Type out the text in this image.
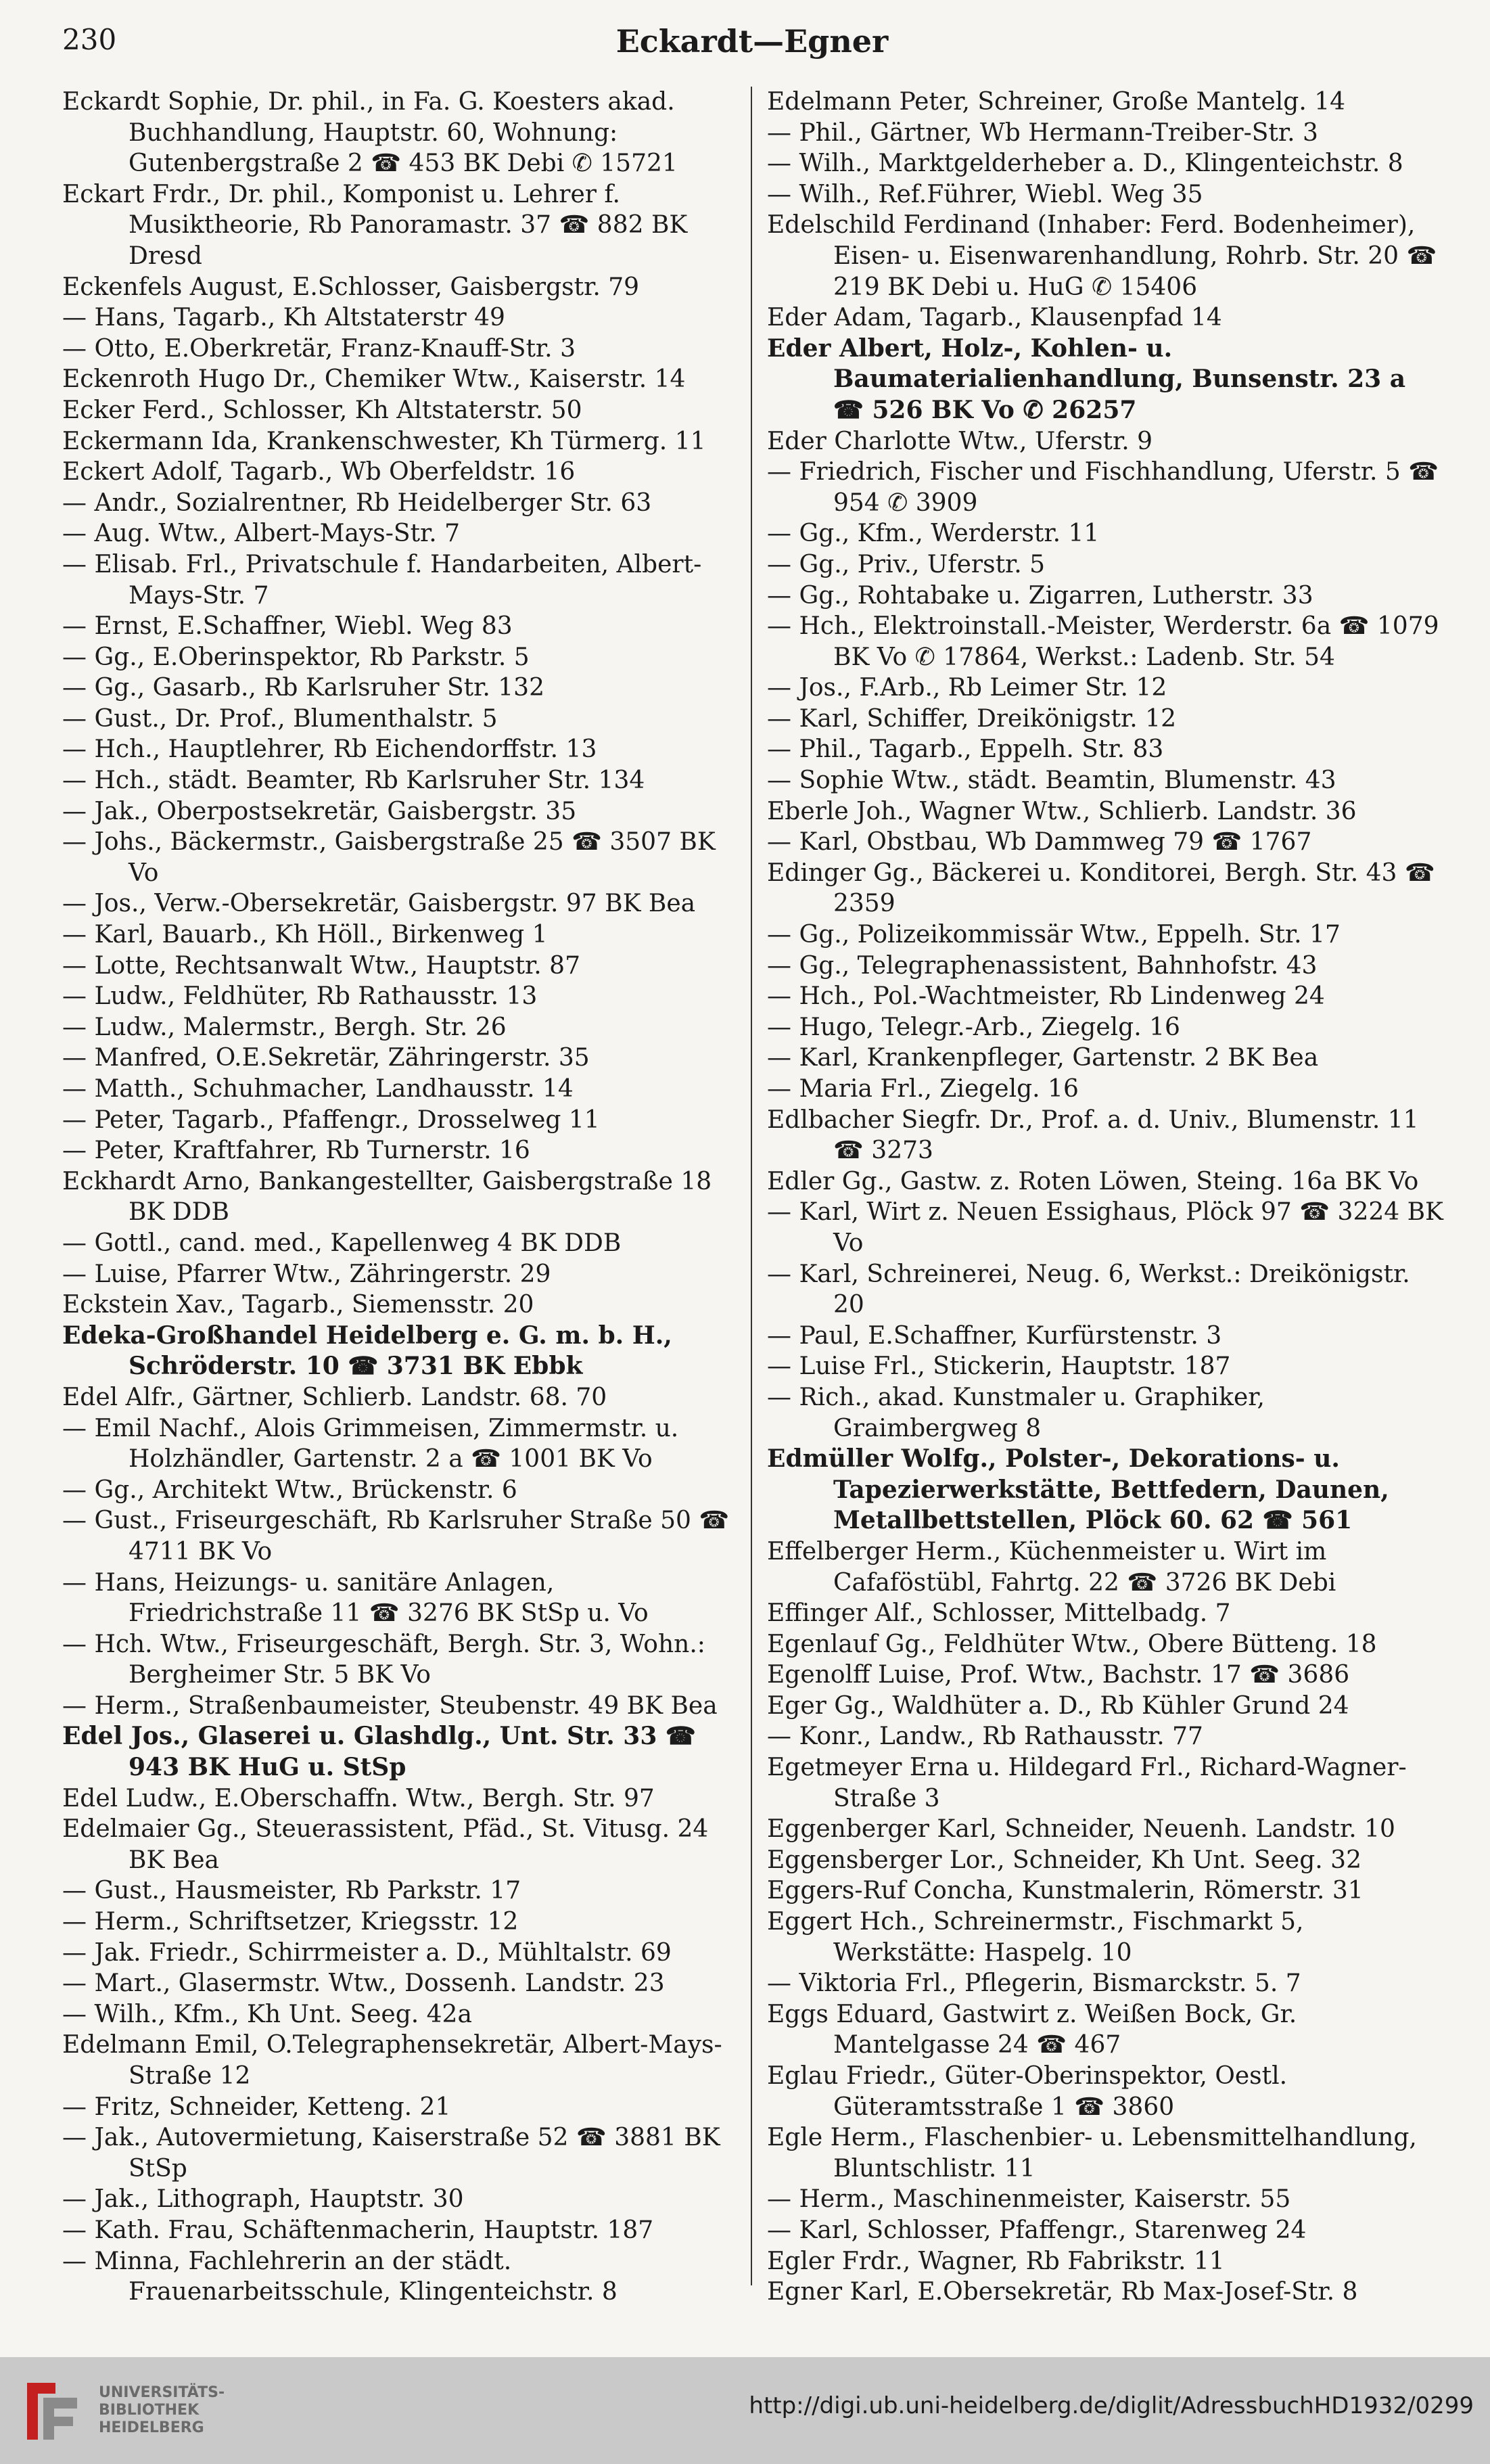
230	Eckardt—Egner
Eckardt Sophie, Dr. phil., in Fa. G. Koesters akad. Buchhandlung, Hauptstr. 60, Wohnung: Gutenbergstraße 2 ☎ 453 BK Debi ✆ 15721
Eckart Frdr., Dr. phil., Komponist u. Lehrer f. Musiktheorie, Rb Panoramastr. 37 ☎ 882 BK Dresd
Eckenfels August, E.Schlosser, Gaisbergstr. 79
— Hans, Tagarb., Kh Altstaterstr 49
— Otto, E.Oberkretär, Franz-Knauff-Str. 3
Eckenroth Hugo Dr., Chemiker Wtw., Kaiserstr. 14
Ecker Ferd., Schlosser, Kh Altstaterstr. 50
Eckermann Ida, Krankenschwester, Kh Türmerg. 11
Eckert Adolf, Tagarb., Wb Oberfeldstr. 16
— Andr., Sozialrentner, Rb Heidelberger Str. 63
— Aug. Wtw., Albert-Mays-Str. 7
— Elisab. Frl., Privatschule f. Handarbeiten, Albert-Mays-Str. 7
— Ernst, E.Schaffner, Wiebl. Weg 83
— Gg., E.Oberinspektor, Rb Parkstr. 5
— Gg., Gasarb., Rb Karlsruher Str. 132
— Gust., Dr. Prof., Blumenthalstr. 5
— Hch., Hauptlehrer, Rb Eichendorffstr. 13
— Hch., städt. Beamter, Rb Karlsruher Str. 134
— Jak., Oberpostsekretär, Gaisbergstr. 35
— Johs., Bäckermstr., Gaisbergstraße 25 ☎ 3507 BK Vo
— Jos., Verw.-Obersekretär, Gaisbergstr. 97 BK Bea
— Karl, Bauarb., Kh Höll., Birkenweg 1
— Lotte, Rechtsanwalt Wtw., Hauptstr. 87
— Ludw., Feldhüter, Rb Rathausstr. 13
— Ludw., Malermstr., Bergh. Str. 26
— Manfred, O.E.Sekretär, Zähringerstr. 35
— Matth., Schuhmacher, Landhausstr. 14
— Peter, Tagarb., Pfaffengr., Drosselweg 11
— Peter, Kraftfahrer, Rb Turnerstr. 16
Eckhardt Arno, Bankangestellter, Gaisbergstraße 18 BK DDB
— Gottl., cand. med., Kapellenweg 4 BK DDB
— Luise, Pfarrer Wtw., Zähringerstr. 29
Eckstein Xav., Tagarb., Siemensstr. 20
Edeka-Großhandel Heidelberg e. G. m. b. H., Schröderstr. 10 ☎ 3731 BK Ebbk
Edel Alfr., Gärtner, Schlierb. Landstr. 68. 70
— Emil Nachf., Alois Grimmeisen, Zimmermstr. u. Holzhändler, Gartenstr. 2 a ☎ 1001 BK Vo
— Gg., Architekt Wtw., Brückenstr. 6
— Gust., Friseurgeschäft, Rb Karlsruher Straße 50 ☎ 4711 BK Vo
— Hans, Heizungs- u. sanitäre Anlagen, Friedrichstraße 11 ☎ 3276 BK StSp u. Vo
— Hch. Wtw., Friseurgeschäft, Bergh. Str. 3, Wohn.: Bergheimer Str. 5 BK Vo
— Herm., Straßenbaumeister, Steubenstr. 49 BK Bea
Edel Jos., Glaserei u. Glashdlg., Unt. Str. 33 ☎ 943 BK HuG u. StSp
Edel Ludw., E.Oberschaffn. Wtw., Bergh. Str. 97
Edelmaier Gg., Steuerassistent, Pfäd., St. Vitusg. 24 BK Bea
— Gust., Hausmeister, Rb Parkstr. 17
— Herm., Schriftsetzer, Kriegsstr. 12
— Jak. Friedr., Schirrmeister a. D., Mühltalstr. 69
— Mart., Glasermstr. Wtw., Dossenh. Landstr. 23
— Wilh., Kfm., Kh Unt. Seeg. 42a
Edelmann Emil, O.Telegraphensekretär, Albert-Mays-Straße 12
— Fritz, Schneider, Ketteng. 21
— Jak., Autovermietung, Kaiserstraße 52 ☎ 3881 BK StSp
— Jak., Lithograph, Hauptstr. 30
— Kath. Frau, Schäftenmacherin, Hauptstr. 187
— Minna, Fachlehrerin an der städt. Frauenarbeitsschule, Klingenteichstr. 8
Edelmann Peter, Schreiner, Große Mantelg. 14
— Phil., Gärtner, Wb Hermann-Treiber-Str. 3
— Wilh., Marktgelderheber a. D., Klingenteichstr. 8
— Wilh., Ref.Führer, Wiebl. Weg 35
Edelschild Ferdinand (Inhaber: Ferd. Bodenheimer), Eisen- u. Eisenwarenhandlung, Rohrb. Str. 20 ☎ 219 BK Debi u. HuG ✆ 15406
Eder Adam, Tagarb., Klausenpfad 14
Eder Albert, Holz-, Kohlen- u. Baumaterialienhandlung, Bunsenstr. 23 a ☎ 526 BK Vo ✆ 26257
Eder Charlotte Wtw., Uferstr. 9
— Friedrich, Fischer und Fischhandlung, Uferstr. 5 ☎ 954 ✆ 3909
— Gg., Kfm., Werderstr. 11
— Gg., Priv., Uferstr. 5
— Gg., Rohtabake u. Zigarren, Lutherstr. 33
— Hch., Elektroinstall.-Meister, Werderstr. 6a ☎ 1079 BK Vo ✆ 17864, Werkst.: Ladenb. Str. 54
— Jos., F.Arb., Rb Leimer Str. 12
— Karl, Schiffer, Dreikönigstr. 12
— Phil., Tagarb., Eppelh. Str. 83
— Sophie Wtw., städt. Beamtin, Blumenstr. 43
Eberle Joh., Wagner Wtw., Schlierb. Landstr. 36
— Karl, Obstbau, Wb Dammweg 79 ☎ 1767
Edinger Gg., Bäckerei u. Konditorei, Bergh. Str. 43 ☎ 2359
— Gg., Polizeikommissär Wtw., Eppelh. Str. 17
— Gg., Telegraphenassistent, Bahnhofstr. 43
— Hch., Pol.-Wachtmeister, Rb Lindenweg 24
— Hugo, Telegr.-Arb., Ziegelg. 16
— Karl, Krankenpfleger, Gartenstr. 2 BK Bea
— Maria Frl., Ziegelg. 16
Edlbacher Siegfr. Dr., Prof. a. d. Univ., Blumenstr. 11 ☎ 3273
Edler Gg., Gastw. z. Roten Löwen, Steing. 16a BK Vo
— Karl, Wirt z. Neuen Essighaus, Plöck 97 ☎ 3224 BK Vo
— Karl, Schreinerei, Neug. 6, Werkst.: Dreikönigstr. 20
— Paul, E.Schaffner, Kurfürstenstr. 3
— Luise Frl., Stickerin, Hauptstr. 187
— Rich., akad. Kunstmaler u. Graphiker, Graimbergweg 8
Edmüller Wolfg., Polster-, Dekorations- u. Tapezierwerkstätte, Bettfedern, Daunen, Metallbettstellen, Plöck 60. 62 ☎ 561
Effelberger Herm., Küchenmeister u. Wirt im Cafaföstübl, Fahrtg. 22 ☎ 3726 BK Debi
Effinger Alf., Schlosser, Mittelbadg. 7
Egenlauf Gg., Feldhüter Wtw., Obere Bütteng. 18
Egenolff Luise, Prof. Wtw., Bachstr. 17 ☎ 3686
Eger Gg., Waldhüter a. D., Rb Kühler Grund 24
— Konr., Landw., Rb Rathausstr. 77
Egetmeyer Erna u. Hildegard Frl., Richard-Wagner-Straße 3
Eggenberger Karl, Schneider, Neuenh. Landstr. 10
Eggensberger Lor., Schneider, Kh Unt. Seeg. 32
Eggers-Ruf Concha, Kunstmalerin, Römerstr. 31
Eggert Hch., Schreinermstr., Fischmarkt 5, Werkstätte: Haspelg. 10
— Viktoria Frl., Pflegerin, Bismarckstr. 5. 7
Eggs Eduard, Gastwirt z. Weißen Bock, Gr. Mantelgasse 24 ☎ 467
Eglau Friedr., Güter-Oberinspektor, Oestl. Güteramtsstraße 1 ☎ 3860
Egle Herm., Flaschenbier- u. Lebensmittelhandlung, Bluntschlistr. 11
— Herm., Maschinenmeister, Kaiserstr. 55
— Karl, Schlosser, Pfaffengr., Starenweg 24
Egler Frdr., Wagner, Rb Fabrikstr. 11
Egner Karl, E.Obersekretär, Rb Max-Josef-Str. 8
UNIVERSITÄTS-
BIBLIOTHEK
HEIDELBERG
http://digi.ub.uni-heidelberg.de/diglit/AdressbuchHD1932/0299
